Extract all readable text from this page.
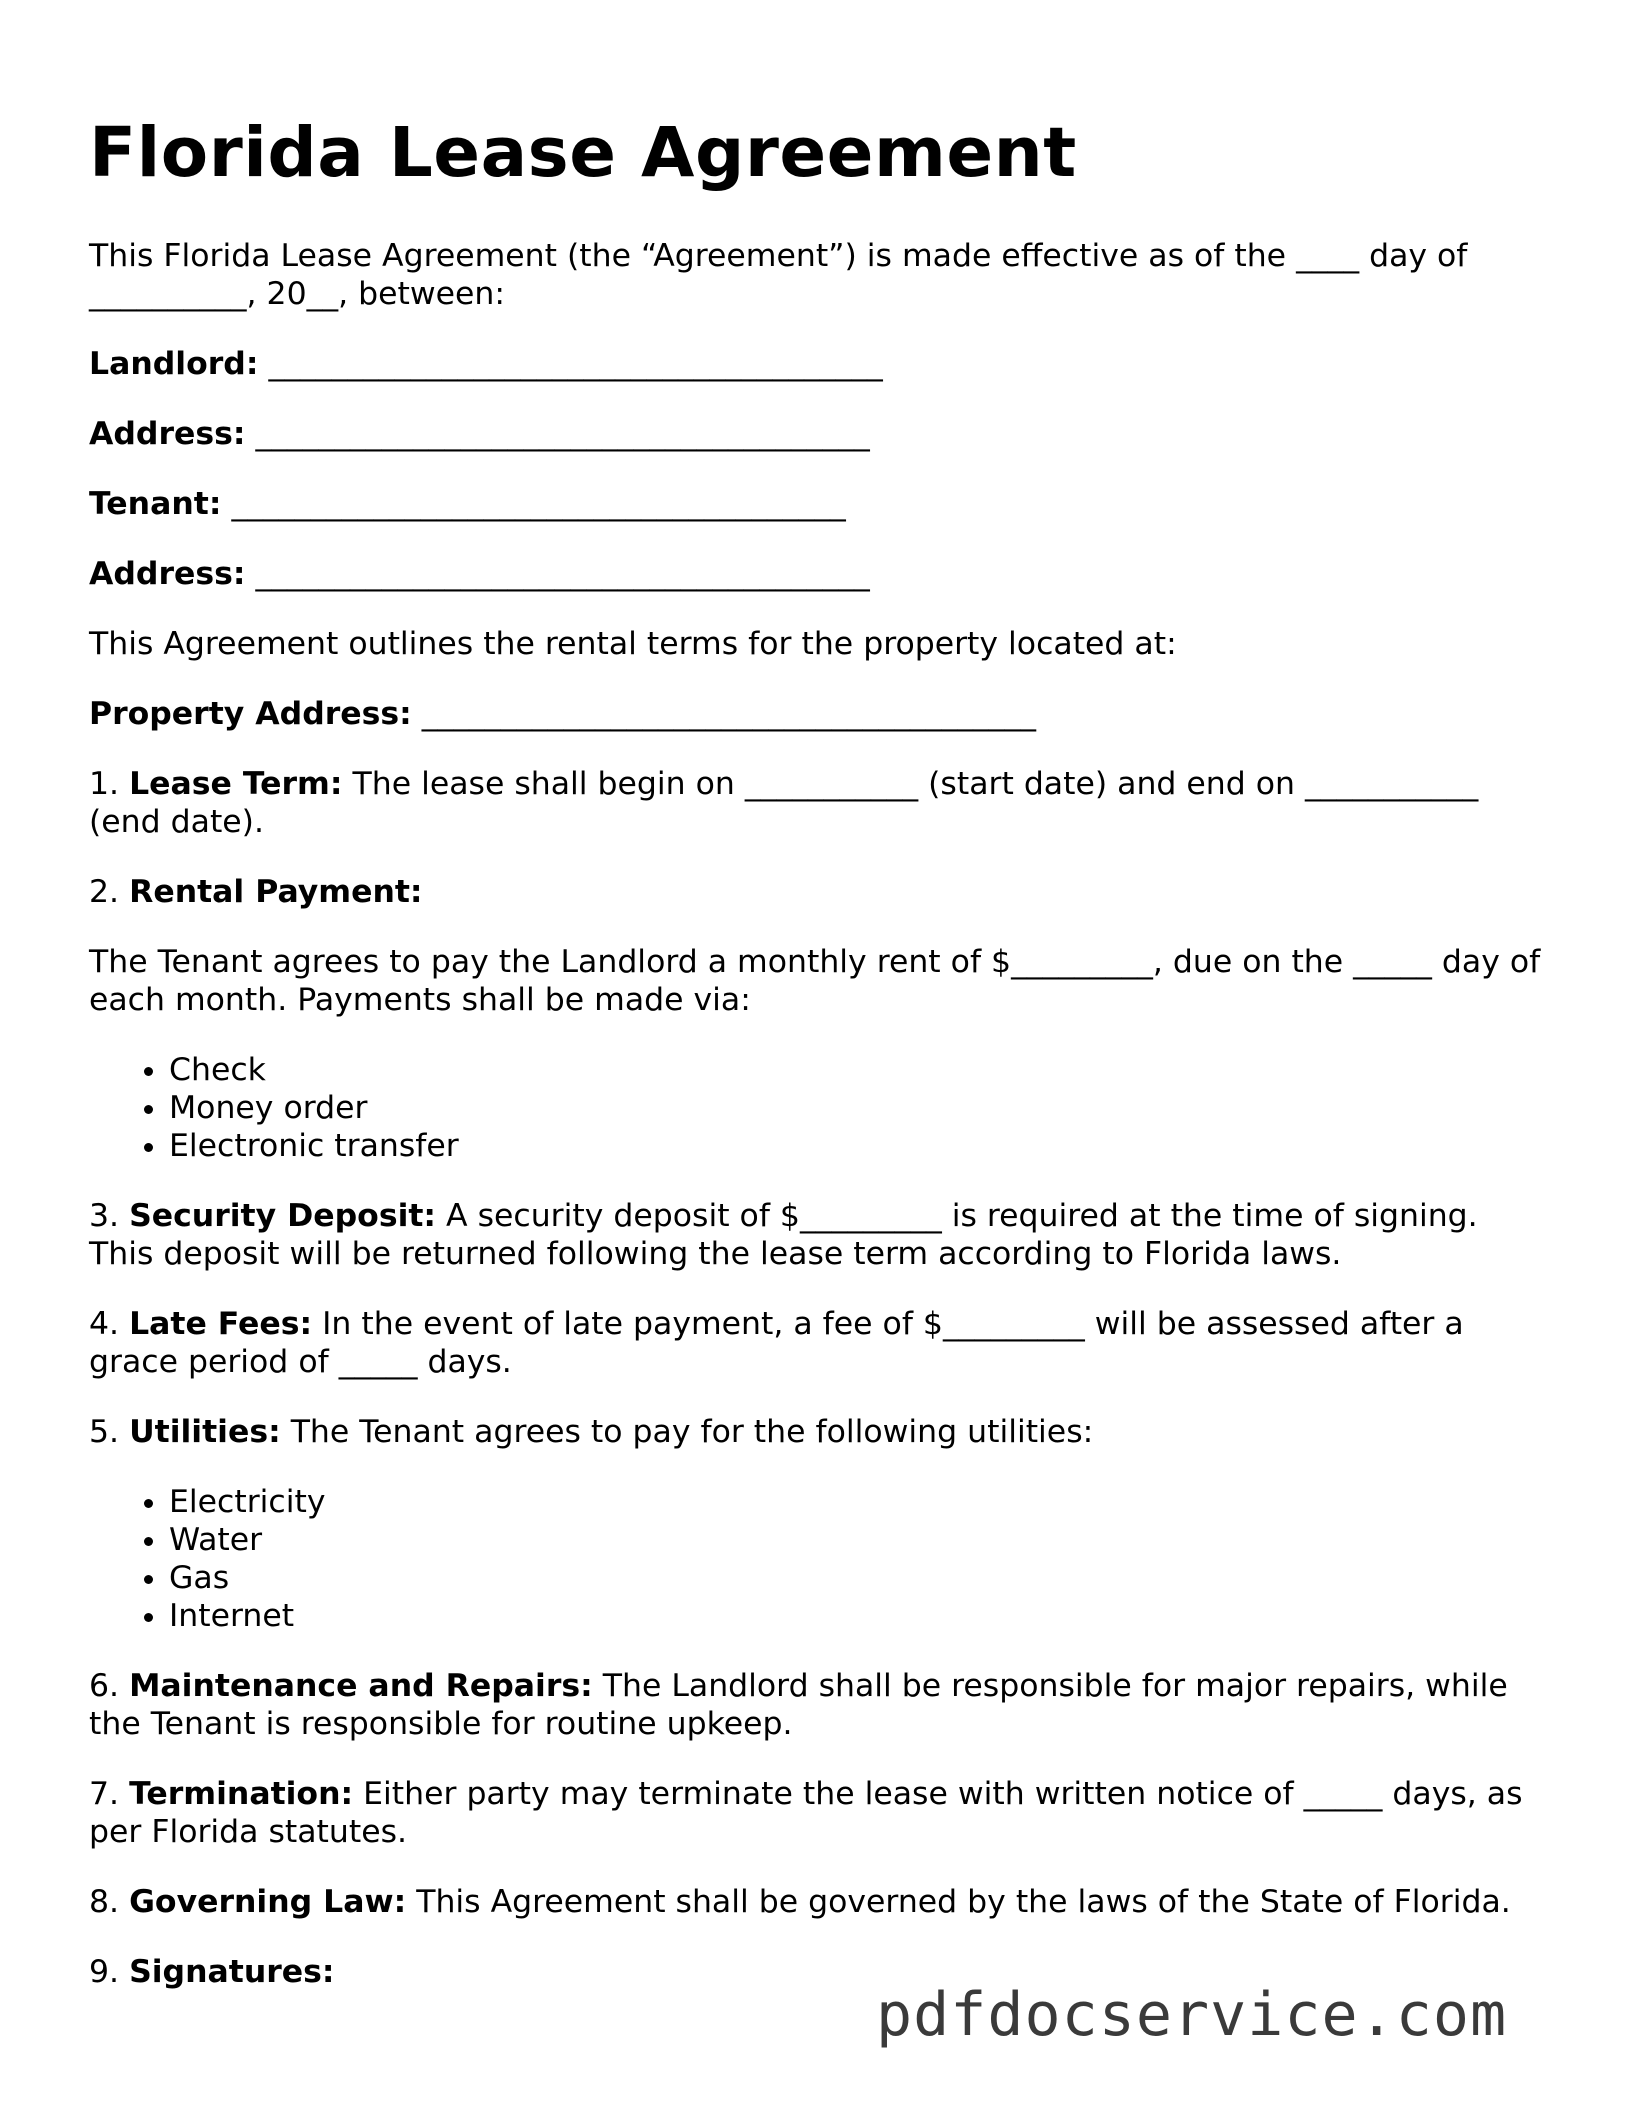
Florida Lease Agreement

This Florida Lease Agreement (the “Agreement”) is made effective as of the ____ day of __________, 20__, between:

Landlord: _______________________________________

Address: _______________________________________

Tenant: _______________________________________

Address: _______________________________________

This Agreement outlines the rental terms for the property located at:

Property Address: _______________________________________

1. Lease Term: The lease shall begin on ___________ (start date) and end on ___________ (end date).

2. Rental Payment:

The Tenant agrees to pay the Landlord a monthly rent of $_________, due on the _____ day of each month. Payments shall be made via:

• Check
• Money order
• Electronic transfer

3. Security Deposit: A security deposit of $_________ is required at the time of signing. This deposit will be returned following the lease term according to Florida laws.

4. Late Fees: In the event of late payment, a fee of $_________ will be assessed after a grace period of _____ days.

5. Utilities: The Tenant agrees to pay for the following utilities:

• Electricity
• Water
• Gas
• Internet

6. Maintenance and Repairs: The Landlord shall be responsible for major repairs, while the Tenant is responsible for routine upkeep.

7. Termination: Either party may terminate the lease with written notice of _____ days, as per Florida statutes.

8. Governing Law: This Agreement shall be governed by the laws of the State of Florida.

9. Signatures:

pdfdocservice.com
